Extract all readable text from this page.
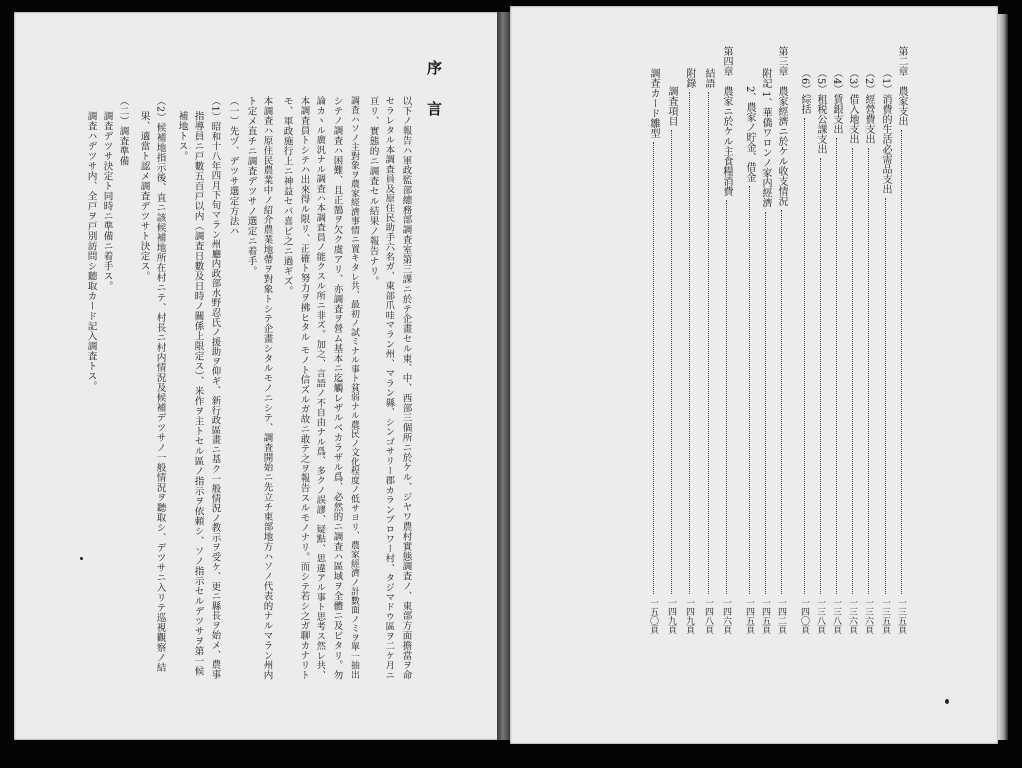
序言
以下ノ報告ハ軍政監部總務部調査室第三課ニ於テ企畫セル東、中、西部三個所ニ於ケル、ジヤワ農村實態調査ノ、東部方面擔當ヲ命
セラレタル本調査員及原住民助手六名ガ、東部爪哇マラン州、マラン縣、シンゴサリー郡カランプロワー村、タジマドウ區ヲ二ケ月ニ
亘リ、實態的ニ調査セル結果ノ報告ナリ。
調査ハソノ主對象ヲ農家經濟事情ニ置キタレ共、最初ノ試ミナル事ト貧弱ナル農民ノ文化程度ノ低サヨリ、農家經濟ノ計數面ノミヲ單一抽出
シテノ調査ハ困難、且正鵠ヲ欠ク虞アリ、亦調査ヲ營ム基本ニ迄觸レザルベカラザル爲、必然的ニ調査ハ區域ヲ全體ニ及ビタリ。勿
論カヽル廣汎ナル調査ハ本調査員ノ能クスル所ニ非ズ。加之、言語ノ不自由ナル爲、多クノ誤謬、疑點、思違アル事ト思考ス然レ共、
本調査員トシテハ出來得ル限リ、正確ト努力ヲ拂ヒタル モノト信ズルガ故ニ敢テ之ヲ報告スルモノナリ。而シテ若シ之ガ聊カナリト
モ、軍政施行上ニ神益セバ喜ビ之ニ過ギズ。
本調査ハ原住民農業中ノ紹介農業地帶ヲ對象トシテ企畫シタルモノニシテ、調査開始ニ先立チ東部地方ハソノ代表的ナルマラン州内
ト定メ直チニ調査デツサノ選定ニ着手。
（一）先ヅ、デツサ選定方法ハ
（1）昭和十八年四月下旬マラン州廳内政部水野忍氏ノ援助ヲ仰ギ、新行政區畫ニ基ク一般情況ノ教示ヲ受ケ、更ニ縣長ヲ始メ、農事
指導員ニ戸數五百戸以内（調査日數及日時ノ關係上限定ス）、米作ヲ主トセル區ノ指示ヲ依頼シ、ソノ指示セルデツサヲ第一候
補地トス。
（2）候補地指示後、直ニ該候補地所在村ニテ、村長ニ村内情況及候補デツサノ一般情況ヲ聽取シ、デツサニ入リテ巡視觀察ノ結
果、適當ト認メ調査デツサト決定ス。
（二）調査準備
調査デツサ決定ト同時ニ準備ニ着手ス。
調査ハデツサ内、全戸ヲ戸別訪問シ聽取カード記入調査トス。
第二章　農家支出
一三五頁
（1）消費的生活必需品支出
一三五頁
（2）經營費支出
一三六頁
（3）借入地支出
一三六頁
（4）賃銀支出
一三八頁
（5）租税公課支出
一三八頁
（6）綜括
一四〇頁
第三章　農家經濟ニ於ケル收支情況
一四二頁
附記 1、華僑ワロンノ家内經濟
一四五頁
2、農家ノ貯金、借金
一四五頁
第四章　農家ニ於ケル主食糧消費
一四六頁
結語
一四八頁
附錄
一四九頁
調査項目
一四九頁
調査カード雛型
一五〇頁
